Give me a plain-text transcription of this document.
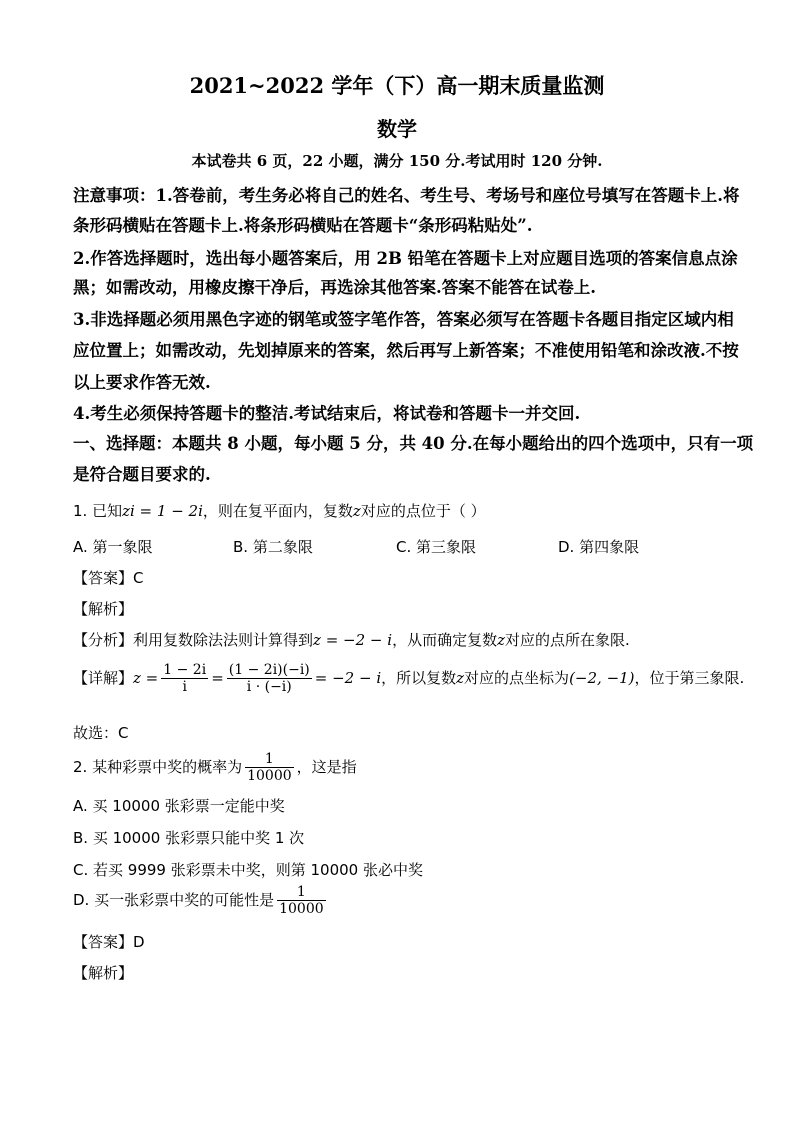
2021~2022 学年（下）高一期末质量监测
数学
本试卷共 6 页，22 小题，满分 150 分.考试用时 120 分钟.
注意事项：1.答卷前，考生务必将自己的姓名、考生号、考场号和座位号填写在答题卡上.将
条形码横贴在答题卡上.将条形码横贴在答题卡“条形码粘贴处”.
2.作答选择题时，选出每小题答案后，用 2B 铅笔在答题卡上对应题目选项的答案信息点涂
黑；如需改动，用橡皮擦干净后，再选涂其他答案.答案不能答在试卷上.
3.非选择题必须用黑色字迹的钢笔或签字笔作答，答案必须写在答题卡各题目指定区域内相
应位置上；如需改动，先划掉原来的答案，然后再写上新答案；不准使用铅笔和涂改液.不按
以上要求作答无效.
4.考生必须保持答题卡的整洁.考试结束后，将试卷和答题卡一并交回.
一、选择题：本题共 8 小题，每小题 5 分，共 40 分.在每小题给出的四个选项中，只有一项
是符合题目要求的.
1. 已知zi = 1 − 2i，则在复平面内，复数z对应的点位于（ ）
A. 第一象限	B. 第二象限	C. 第三象限	D. 第四象限
【答案】C
【解析】
【分析】利用复数除法法则计算得到z = −2 − i，从而确定复数z对应的点所在象限.
【详解】$z = \frac{1 - 2i}{i} = \frac{(1 - 2i)(-i)}{i \cdot (-i)} = -2 - i$，所以复数z对应的点坐标为(−2, −1)，位于第三象限.
故选：C
2. 某种彩票中奖的概率为 $\frac{1}{10000}$ ，这是指
A. 买 10000 张彩票一定能中奖
B. 买 10000 张彩票只能中奖 1 次
C. 若买 9999 张彩票未中奖，则第 10000 张必中奖
D. 买一张彩票中奖的可能性是 $\frac{1}{10000}$
【答案】D
【解析】
